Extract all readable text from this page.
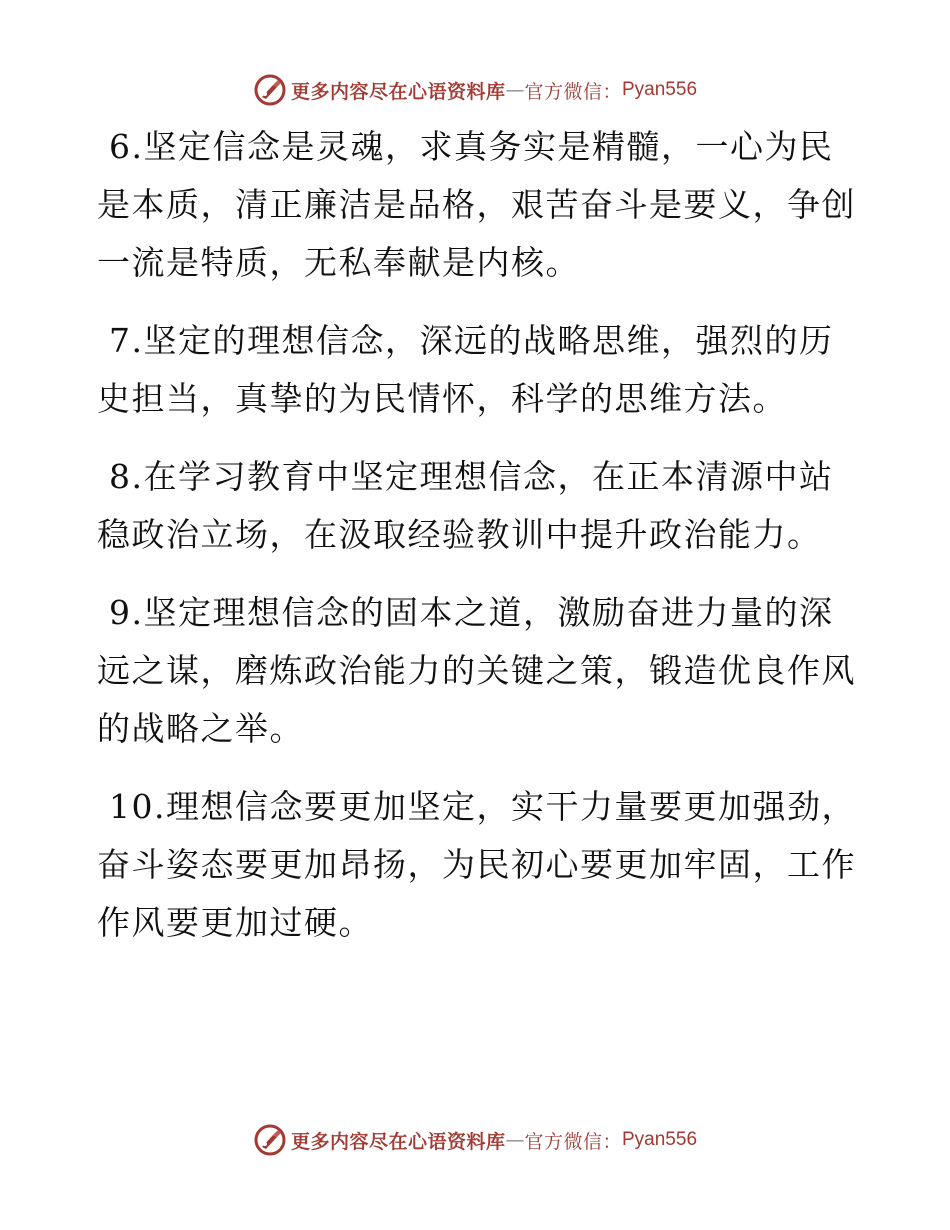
更多内容尽在心语资料库 — 官方微信： Pyan556

6.坚定信念是灵魂，求真务实是精髓，一心为民是本质，清正廉洁是品格，艰苦奋斗是要义，争创一流是特质，无私奉献是内核。

7.坚定的理想信念，深远的战略思维，强烈的历史担当，真挚的为民情怀，科学的思维方法。

8.在学习教育中坚定理想信念，在正本清源中站稳政治立场，在汲取经验教训中提升政治能力。

9.坚定理想信念的固本之道，激励奋进力量的深远之谋，磨炼政治能力的关键之策，锻造优良作风的战略之举。

10.理想信念要更加坚定，实干力量要更加强劲，奋斗姿态要更加昂扬，为民初心要更加牢固，工作作风要更加过硬。

更多内容尽在心语资料库 — 官方微信： Pyan556
